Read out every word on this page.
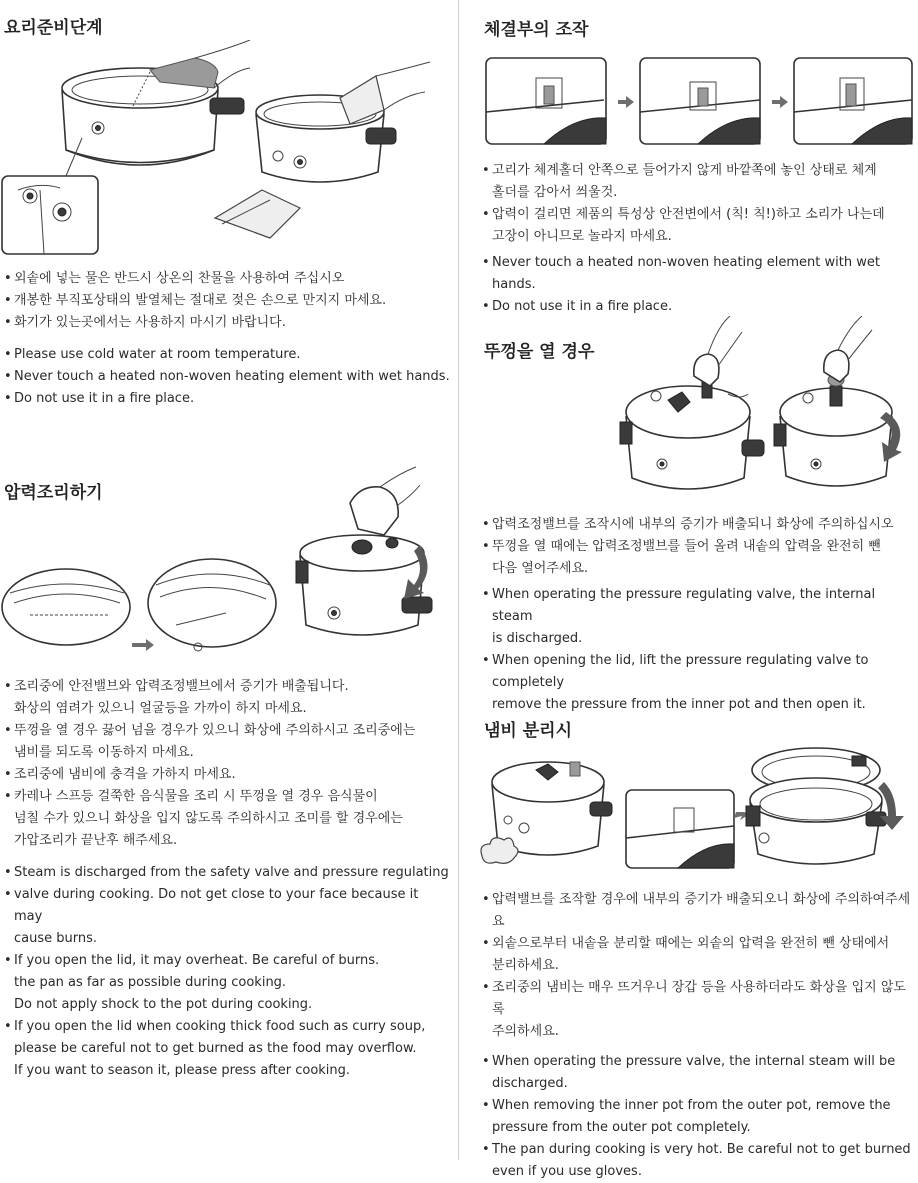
요리준비단계
• 외솥에 넣는 물은 반드시 상온의 찬물을 사용하여 주십시오
• 개봉한 부직포상태의 발열체는 절대로 젖은 손으로 만지지 마세요.
• 화기가 있는곳에서는 사용하지 마시기 바랍니다.
• Please use cold water at room temperature.
• Never touch a heated non-woven heating element with wet hands.
• Do not use it in a fire place.
압력조리하기
• 조리중에 안전밸브와 압력조정밸브에서 증기가 배출됩니다.
화상의 염려가 있으니 얼굴등을 가까이 하지 마세요.
• 뚜껑을 열 경우 끓어 넘을 경우가 있으니 화상에 주의하시고 조리중에는
냄비를 되도록 이동하지 마세요.
• 조리중에 냄비에 충격을 가하지 마세요.
• 카레나 스프등 걸쭉한 음식물을 조리 시 뚜껑을 열 경우 음식물이
넘칠 수가 있으니 화상을 입지 않도록 주의하시고 조미를 할 경우에는
가압조리가 끝난후 해주세요.
• Steam is discharged from the safety valve and pressure regulating
• valve during cooking. Do not get close to your face because it may
cause burns.
• If you open the lid, it may overheat. Be careful of burns.
the pan as far as possible during cooking.
Do not apply shock to the pot during cooking.
• If you open the lid when cooking thick food such as curry soup,
please be careful not to get burned as the food may overflow.
If you want to season it, please press after cooking.
체결부의 조작
• 고리가 체계홀더 안쪽으로 들어가지 않게 바깥쪽에 놓인 상태로 체계
홀더를 감아서 씌울것.
• 압력이 걸리면 제품의 특성상 안전변에서 (칙! 칙!)하고 소리가 나는데
고장이 아니므로 놀라지 마세요.
• Never touch a heated non-woven heating element with wet hands.
• Do not use it in a fire place.
뚜껑을 열 경우
• 압력조정밸브를 조작시에 내부의 증기가 배출되니 화상에 주의하십시오
• 뚜껑을 열 때에는 압력조정밸브를 들어 올려 내솥의 압력을 완전히 뺀
다음 열어주세요.
• When operating the pressure regulating valve, the internal steam
is discharged.
• When opening the lid, lift the pressure regulating valve to completely
remove the pressure from the inner pot and then open it.
냄비 분리시
• 압력밸브를 조작할 경우에 내부의 증기가 배출되오니 화상에 주의하여주세요
• 외솥으로부터 내솥을 분리할 때에는 외솥의 압력을 완전히 뺀 상태에서
분리하세요.
• 조리중의 냄비는 매우 뜨거우니 장갑 등을 사용하더라도 화상을 입지 않도록
주의하세요.
• When operating the pressure valve, the internal steam will be
discharged.
• When removing the inner pot from the outer pot, remove the
pressure from the outer pot completely.
• The pan during cooking is very hot. Be careful not to get burned
even if you use gloves.
